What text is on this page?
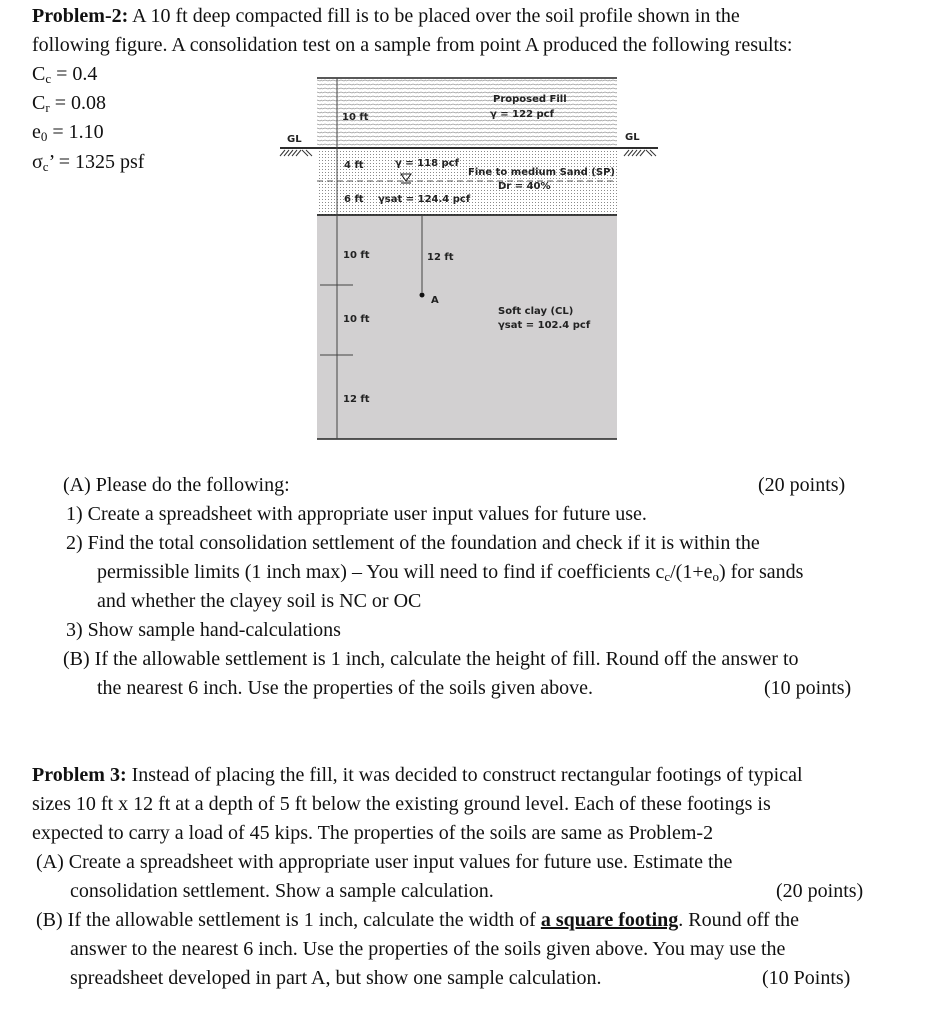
Problem-2: A 10 ft deep compacted fill is to be placed over the soil profile shown in the
following figure. A consolidation test on a sample from point A produced the following results:
$C_c = 0.4$
$C_r = 0.08$
$e_0 = 1.10$
$\sigma_c$’ = 1325 psf
GL	GL
10 ft
Proposed Fill
γ = 122 pcf
4 ft	γ = 118 pcf
Fine to medium Sand (SP)
Dr = 40%
6 ft γsat = 124.4 pcf
10 ft	12 ft
A
Soft clay (CL)
γsat = 102.4 pcf
10 ft
12 ft
(A) Please do the following:	(20 points)
1) Create a spreadsheet with appropriate user input values for future use.
2) Find the total consolidation settlement of the foundation and check if it is within the
permissible limits (1 inch max) – You will need to find if coefficients $c_c/(1+e_o)$ for sands
and whether the clayey soil is NC or OC
3) Show sample hand-calculations
(B) If the allowable settlement is 1 inch, calculate the height of fill. Round off the answer to
the nearest 6 inch. Use the properties of the soils given above.	(10 points)
Problem 3: Instead of placing the fill, it was decided to construct rectangular footings of typical
sizes 10 ft x 12 ft at a depth of 5 ft below the existing ground level. Each of these footings is
expected to carry a load of 45 kips. The properties of the soils are same as Problem-2
(A) Create a spreadsheet with appropriate user input values for future use. Estimate the
consolidation settlement. Show a sample calculation.	(20 points)
(B) If the allowable settlement is 1 inch, calculate the width of a square footing. Round off the
answer to the nearest 6 inch. Use the properties of the soils given above. You may use the
spreadsheet developed in part A, but show one sample calculation.	(10 Points)
